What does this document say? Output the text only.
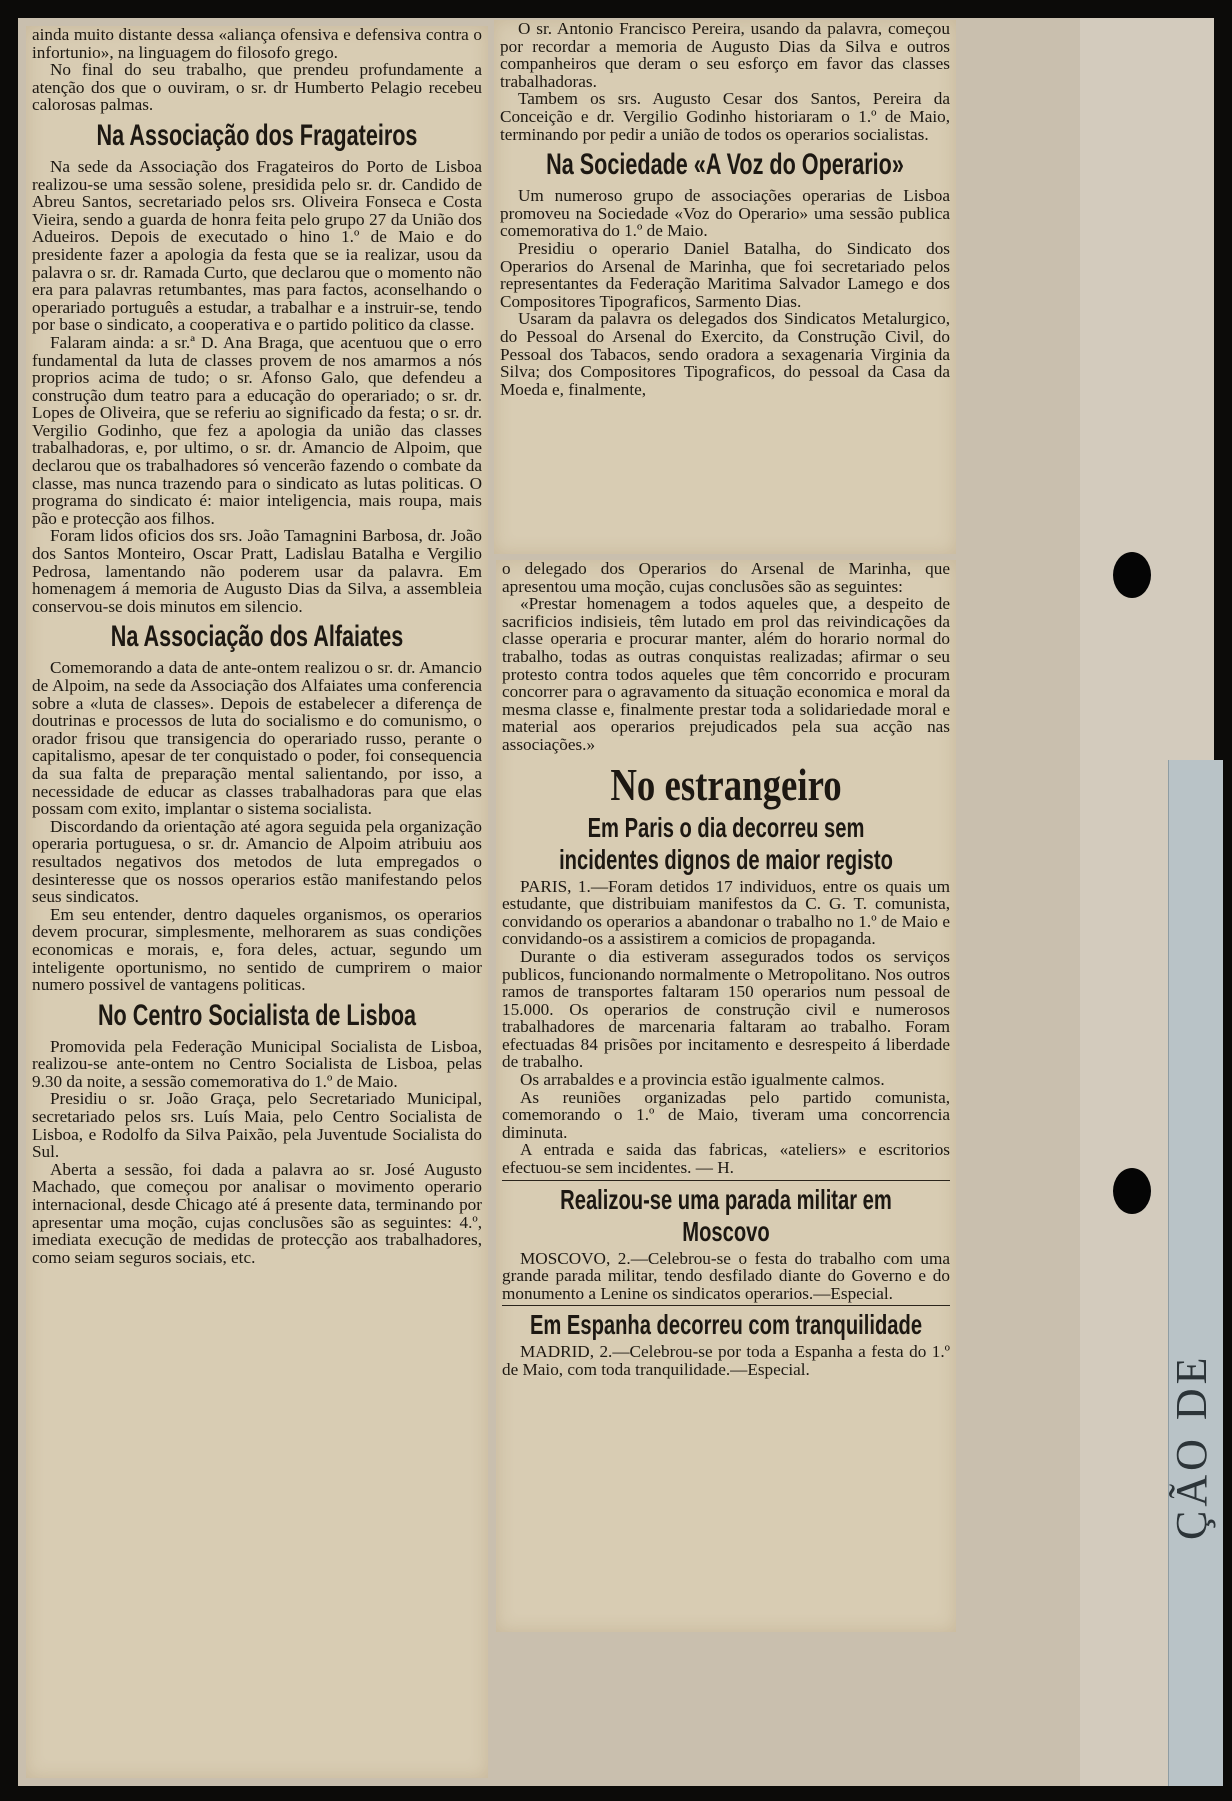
ÇÃO DE

ainda muito distante dessa «aliança ofensiva e defensiva contra o infortunio», na linguagem do filosofo grego.

No final do seu trabalho, que prendeu profundamente a atenção dos que o ouviram, o sr. dr Humberto Pelagio recebeu calorosas palmas.

Na Associação dos Fragateiros

Na sede da Associação dos Fragateiros do Porto de Lisboa realizou-se uma sessão solene, presidida pelo sr. dr. Candido de Abreu Santos, secretariado pelos srs. Oliveira Fonseca e Costa Vieira, sendo a guarda de honra feita pelo grupo 27 da União dos Adueiros. Depois de executado o hino 1.º de Maio e do presidente fazer a apologia da festa que se ia realizar, usou da palavra o sr. dr. Ramada Curto, que declarou que o momento não era para palavras retumbantes, mas para factos, aconselhando o operariado português a estudar, a trabalhar e a instruir-se, tendo por base o sindicato, a cooperativa e o partido politico da classe.

Falaram ainda: a sr.ª D. Ana Braga, que acentuou que o erro fundamental da luta de classes provem de nos amarmos a nós proprios acima de tudo; o sr. Afonso Galo, que defendeu a construção dum teatro para a educação do operariado; o sr. dr. Lopes de Oliveira, que se referiu ao significado da festa; o sr. dr. Vergilio Godinho, que fez a apologia da união das classes trabalhadoras, e, por ultimo, o sr. dr. Amancio de Alpoim, que declarou que os trabalhadores só vencerão fazendo o combate da classe, mas nunca trazendo para o sindicato as lutas politicas. O programa do sindicato é: maior inteligencia, mais roupa, mais pão e protecção aos filhos.

Foram lidos oficios dos srs. João Tamagnini Barbosa, dr. João dos Santos Monteiro, Oscar Pratt, Ladislau Batalha e Vergilio Pedrosa, lamentando não poderem usar da palavra. Em homenagem á memoria de Augusto Dias da Silva, a assembleia conservou-se dois minutos em silencio.

Na Associação dos Alfaiates

Comemorando a data de ante-ontem realizou o sr. dr. Amancio de Alpoim, na sede da Associação dos Alfaiates uma conferencia sobre a «luta de classes». Depois de estabelecer a diferença de doutrinas e processos de luta do socialismo e do comunismo, o orador frisou que transigencia do operariado russo, perante o capitalismo, apesar de ter conquistado o poder, foi consequencia da sua falta de preparação mental salientando, por isso, a necessidade de educar as classes trabalhadoras para que elas possam com exito, implantar o sistema socialista.

Discordando da orientação até agora seguida pela organização operaria portuguesa, o sr. dr. Amancio de Alpoim atribuiu aos resultados negativos dos metodos de luta empregados o desinteresse que os nossos operarios estão manifestando pelos seus sindicatos.

Em seu entender, dentro daqueles organismos, os operarios devem procurar, simplesmente, melhorarem as suas condições economicas e morais, e, fora deles, actuar, segundo um inteligente oportunismo, no sentido de cumprirem o maior numero possivel de vantagens politicas.

No Centro Socialista de Lisboa

Promovida pela Federação Municipal Socialista de Lisboa, realizou-se ante-ontem no Centro Socialista de Lisboa, pelas 9.30 da noite, a sessão comemorativa do 1.º de Maio.

Presidiu o sr. João Graça, pelo Secretariado Municipal, secretariado pelos srs. Luís Maia, pelo Centro Socialista de Lisboa, e Rodolfo da Silva Paixão, pela Juventude Socialista do Sul.

Aberta a sessão, foi dada a palavra ao sr. José Augusto Machado, que começou por analisar o movimento operario internacional, desde Chicago até á presente data, terminando por apresentar uma moção, cujas conclusões são as seguintes: 4.º, imediata execução de medidas de protecção aos trabalhadores, como seiam seguros sociais, etc.

O sr. Antonio Francisco Pereira, usando da palavra, começou por recordar a memoria de Augusto Dias da Silva e outros companheiros que deram o seu esforço em favor das classes trabalhadoras.

Tambem os srs. Augusto Cesar dos Santos, Pereira da Conceição e dr. Vergilio Godinho historiaram o 1.º de Maio, terminando por pedir a união de todos os operarios socialistas.

Na Sociedade «A Voz do Operario»

Um numeroso grupo de associações operarias de Lisboa promoveu na Sociedade «Voz do Operario» uma sessão publica comemorativa do 1.º de Maio.

Presidiu o operario Daniel Batalha, do Sindicato dos Operarios do Arsenal de Marinha, que foi secretariado pelos representantes da Federação Maritima Salvador Lamego e dos Compositores Tipograficos, Sarmento Dias.

Usaram da palavra os delegados dos Sindicatos Metalurgico, do Pessoal do Arsenal do Exercito, da Construção Civil, do Pessoal dos Tabacos, sendo oradora a sexagenaria Virginia da Silva; dos Compositores Tipograficos, do pessoal da Casa da Moeda e, finalmente,

o delegado dos Operarios do Arsenal de Marinha, que apresentou uma moção, cujas conclusões são as seguintes:

«Prestar homenagem a todos aqueles que, a despeito de sacrificios indisieis, têm lutado em prol das reivindicações da classe operaria e procurar manter, além do horario normal do trabalho, todas as outras conquistas realizadas; afirmar o seu protesto contra todos aqueles que têm concorrido e procuram concorrer para o agravamento da situação economica e moral da mesma classe e, finalmente prestar toda a solidariedade moral e material aos operarios prejudicados pela sua acção nas associações.»

No estrangeiro
Em Paris o dia decorreu sem incidentes dignos de maior registo

PARIS, 1.—Foram detidos 17 individuos, entre os quais um estudante, que distribuiam manifestos da C. G. T. comunista, convidando os operarios a abandonar o trabalho no 1.º de Maio e convidando-os a assistirem a comicios de propaganda.

Durante o dia estiveram assegurados todos os serviços publicos, funcionando normalmente o Metropolitano. Nos outros ramos de transportes faltaram 150 operarios num pessoal de 15.000. Os operarios de construção civil e numerosos trabalhadores de marcenaria faltaram ao trabalho. Foram efectuadas 84 prisões por incitamento e desrespeito á liberdade de trabalho.

Os arrabaldes e a provincia estão igualmente calmos.

As reuniões organizadas pelo partido comunista, comemorando o 1.º de Maio, tiveram uma concorrencia diminuta.

A entrada e saida das fabricas, «ateliers» e escritorios efectuou-se sem incidentes. — H.

Realizou-se uma parada militar em Moscovo

MOSCOVO, 2.—Celebrou-se o festa do trabalho com uma grande parada militar, tendo desfilado diante do Governo e do monumento a Lenine os sindicatos operarios.—Especial.

Em Espanha decorreu com tranquilidade

MADRID, 2.—Celebrou-se por toda a Espanha a festa do 1.º de Maio, com toda tranquilidade.—Especial.
